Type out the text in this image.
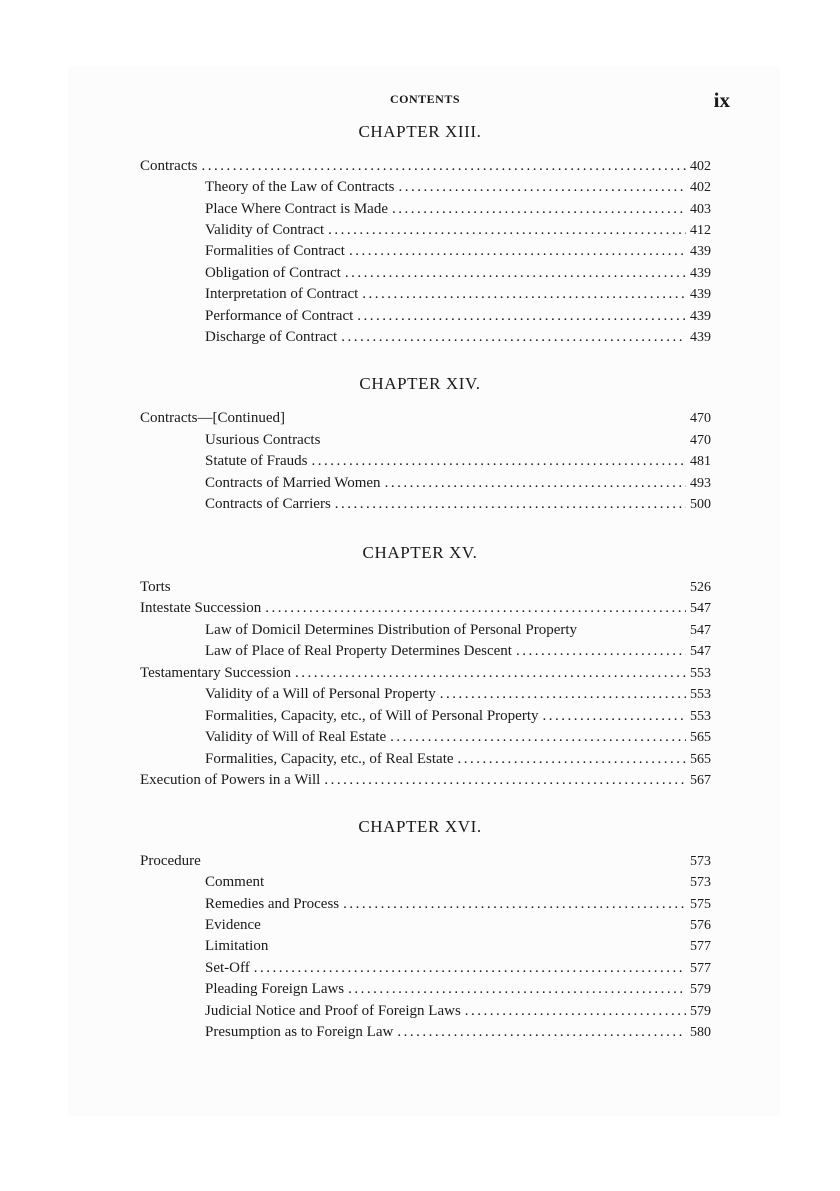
CONTENTS	ix
CHAPTER XIII.
Contracts .....	402
Theory of the Law of Contracts .....	402
Place Where Contract is Made .....	403
Validity of Contract .....	412
Formalities of Contract .....	439
Obligation of Contract .....	439
Interpretation of Contract .....	439
Performance of Contract .....	439
Discharge of Contract .....	439
CHAPTER XIV.
Contracts—[Continued]	470
Usurious Contracts	470
Statute of Frauds .....	481
Contracts of Married Women .....	493
Contracts of Carriers .....	500
CHAPTER XV.
Torts	526
Intestate Succession .....	547
Law of Domicil Determines Distribution of Personal Property	547
Law of Place of Real Property Determines Descent .....	547
Testamentary Succession .....	553
Validity of a Will of Personal Property .....	553
Formalities, Capacity, etc., of Will of Personal Property .....	553
Validity of Will of Real Estate .....	565
Formalities, Capacity, etc., of Real Estate .....	565
Execution of Powers in a Will .....	567
CHAPTER XVI.
Procedure	573
Comment	573
Remedies and Process .....	575
Evidence	576
Limitation	577
Set-Off .....	577
Pleading Foreign Laws .....	579
Judicial Notice and Proof of Foreign Laws .....	579
Presumption as to Foreign Law .....	580
